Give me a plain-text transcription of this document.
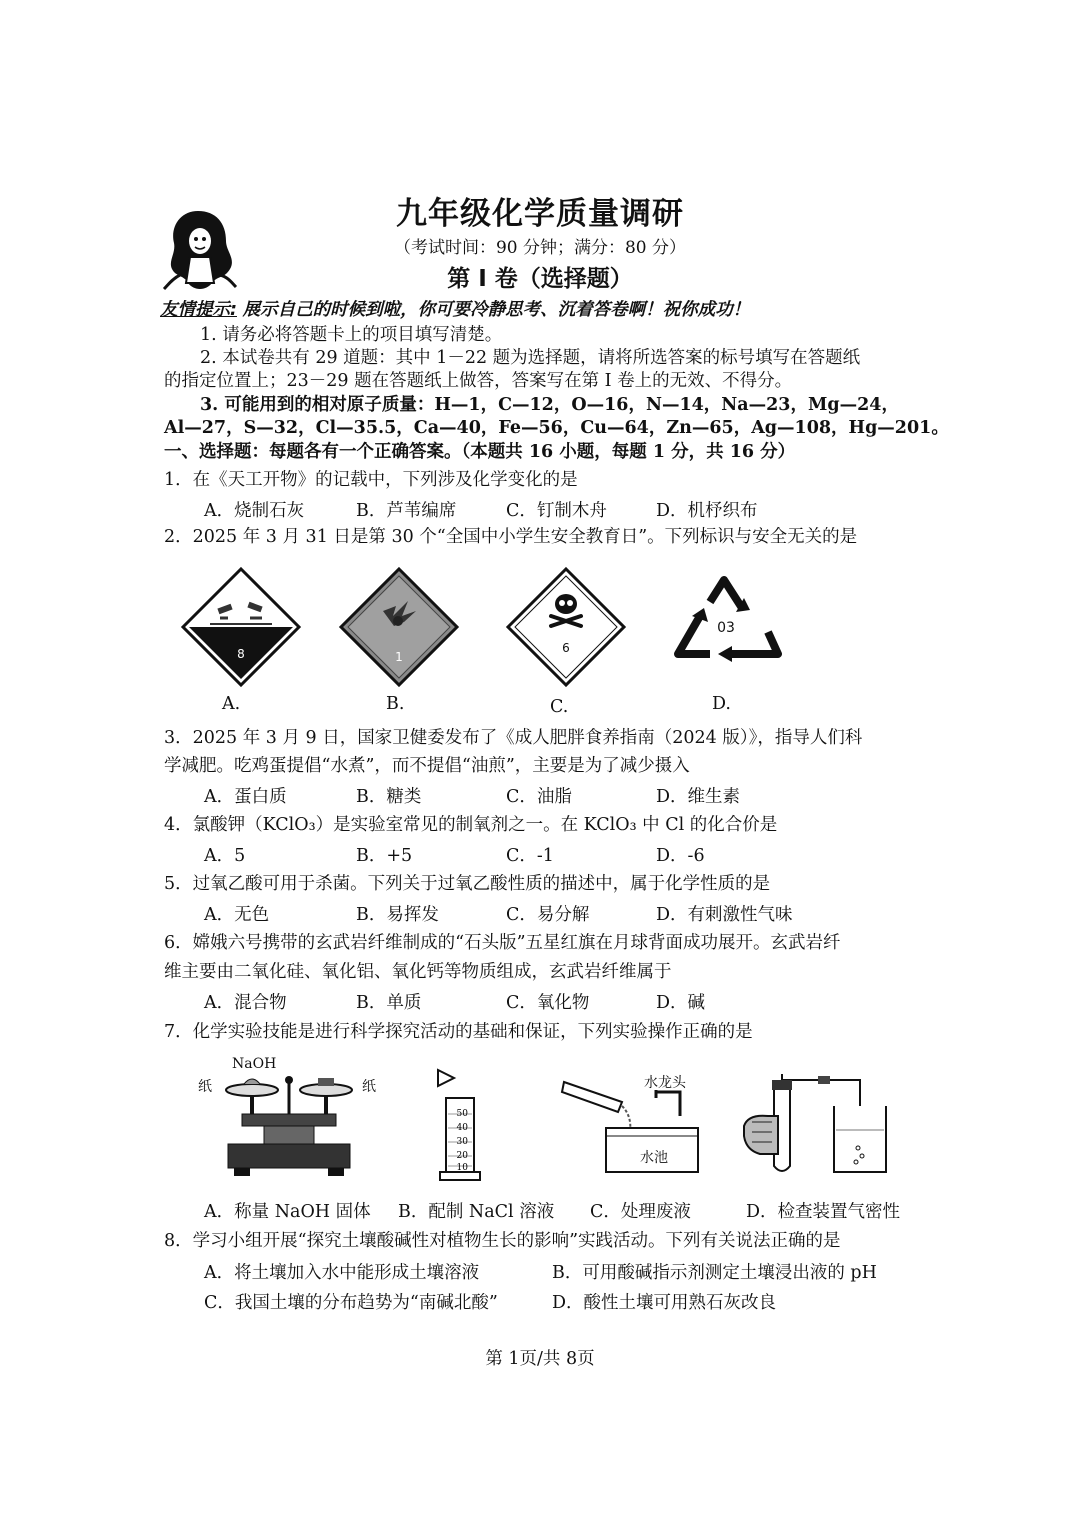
九年级化学质量调研
（考试时间：90 分钟；满分：80 分）
第 Ⅰ 卷（选择题）
友情提示: 展示自己的时候到啦，你可要冷静思考、沉着答卷啊！祝你成功！
1. 请务必将答题卡上的项目填写清楚。
2. 本试卷共有 29 道题：其中 1－22 题为选择题，请将所选答案的标号填写在答题纸
的指定位置上；23－29 题在答题纸上做答，答案写在第 I 卷上的无效、不得分。
3. 可能用到的相对原子质量：H—1，C—12，O—16，N—14，Na—23，Mg—24，
Al—27，S—32，Cl—35.5，Ca—40，Fe—56，Cu—64，Zn—65，Ag—108，Hg—201。
一、选择题：每题各有一个正确答案。（本题共 16 小题，每题 1 分，共 16 分）
1．在《天工开物》的记载中，下列涉及化学变化的是
A．烧制石灰	B．芦苇编席	C．钉制木舟	D．机杼织布
2．2025 年 3 月 31 日是第 30 个“全国中小学生安全教育日”。下列标识与安全无关的是
8	1
6
03
A.	B.	C.	D.
3．2025 年 3 月 9 日，国家卫健委发布了《成人肥胖食养指南（2024 版）》，指导人们科
学减肥。吃鸡蛋提倡“水煮”，而不提倡“油煎”，主要是为了减少摄入
A．蛋白质	B．糖类	C．油脂	D．维生素
4．氯酸钾（KClO₃）是实验室常见的制氧剂之一。在 KClO₃ 中 Cl 的化合价是
A．5	B．+5	C．-1	D．-6
5．过氧乙酸可用于杀菌。下列关于过氧乙酸性质的描述中，属于化学性质的是
A．无色	B．易挥发	C．易分解	D．有刺激性气味
6．嫦娥六号携带的玄武岩纤维制成的“石头版”五星红旗在月球背面成功展开。玄武岩纤
维主要由二氧化硅、氧化铝、氧化钙等物质组成，玄武岩纤维属于
A．混合物	B．单质	C．氧化物	D．碱
7．化学实验技能是进行科学探究活动的基础和保证，下列实验操作正确的是
NaOH
纸	纸
50
40
30
20
10
水龙头
水池
A．称量 NaOH 固体 B．配制 NaCl 溶液 C．处理废液	D．检查装置气密性
8．学习小组开展“探究土壤酸碱性对植物生长的影响”实践活动。下列有关说法正确的是
A．将土壤加入水中能形成土壤溶液	B．可用酸碱指示剂测定土壤浸出液的 pH
C．我国土壤的分布趋势为“南碱北酸”	D．酸性土壤可用熟石灰改良
第 1页/共 8页
